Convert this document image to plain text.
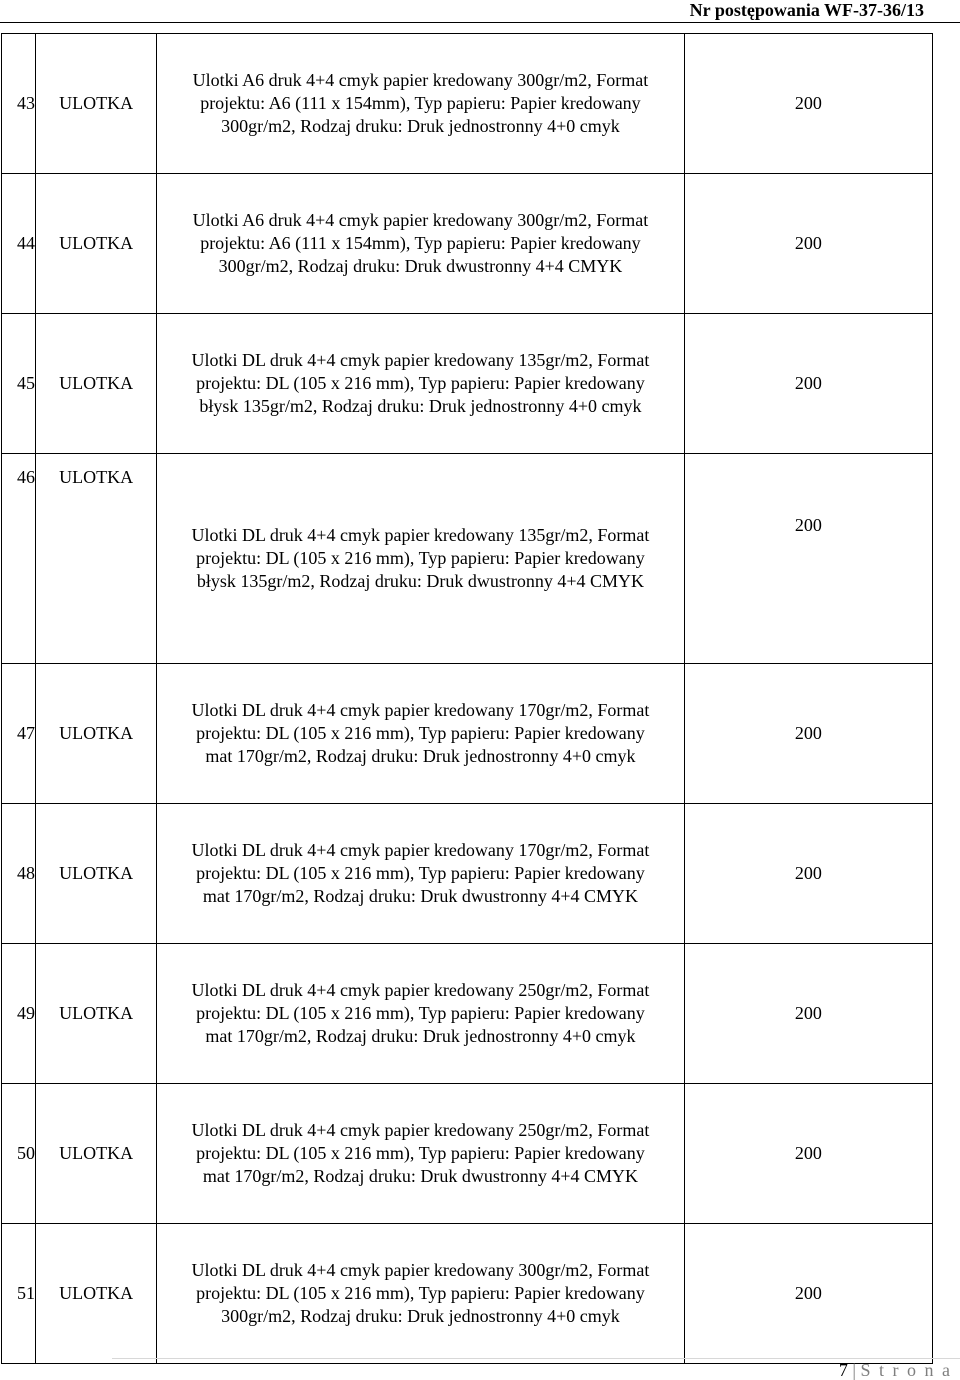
Nr postępowania WF-37-36/13
43	ULOTKA	Ulotki A6 druk 4+4 cmyk papier kredowany 300gr/m2, Format
projektu: A6 (111 x 154mm), Typ papieru: Papier kredowany
300gr/m2, Rodzaj druku: Druk jednostronny 4+0 cmyk	200
44	ULOTKA	Ulotki A6 druk 4+4 cmyk papier kredowany 300gr/m2, Format
projektu: A6 (111 x 154mm), Typ papieru: Papier kredowany
300gr/m2, Rodzaj druku: Druk dwustronny 4+4 CMYK	200
45	ULOTKA	Ulotki DL druk 4+4 cmyk papier kredowany 135gr/m2, Format
projektu: DL (105 x 216 mm), Typ papieru: Papier kredowany
błysk 135gr/m2, Rodzaj druku: Druk jednostronny 4+0 cmyk	200
46	ULOTKA	Ulotki DL druk 4+4 cmyk papier kredowany 135gr/m2, Format
projektu: DL (105 x 216 mm), Typ papieru: Papier kredowany
błysk 135gr/m2, Rodzaj druku: Druk dwustronny 4+4 CMYK	200
47	ULOTKA	Ulotki DL druk 4+4 cmyk papier kredowany 170gr/m2, Format
projektu: DL (105 x 216 mm), Typ papieru: Papier kredowany
mat 170gr/m2, Rodzaj druku: Druk jednostronny 4+0 cmyk	200
48	ULOTKA	Ulotki DL druk 4+4 cmyk papier kredowany 170gr/m2, Format
projektu: DL (105 x 216 mm), Typ papieru: Papier kredowany
mat 170gr/m2, Rodzaj druku: Druk dwustronny 4+4 CMYK	200
49	ULOTKA	Ulotki DL druk 4+4 cmyk papier kredowany 250gr/m2, Format
projektu: DL (105 x 216 mm), Typ papieru: Papier kredowany
mat 170gr/m2, Rodzaj druku: Druk jednostronny 4+0 cmyk	200
50	ULOTKA	Ulotki DL druk 4+4 cmyk papier kredowany 250gr/m2, Format
projektu: DL (105 x 216 mm), Typ papieru: Papier kredowany
mat 170gr/m2, Rodzaj druku: Druk dwustronny 4+4 CMYK	200
51	ULOTKA	Ulotki DL druk 4+4 cmyk papier kredowany 300gr/m2, Format
projektu: DL (105 x 216 mm), Typ papieru: Papier kredowany
300gr/m2, Rodzaj druku: Druk jednostronny 4+0 cmyk	200
7 | S t r o n a
